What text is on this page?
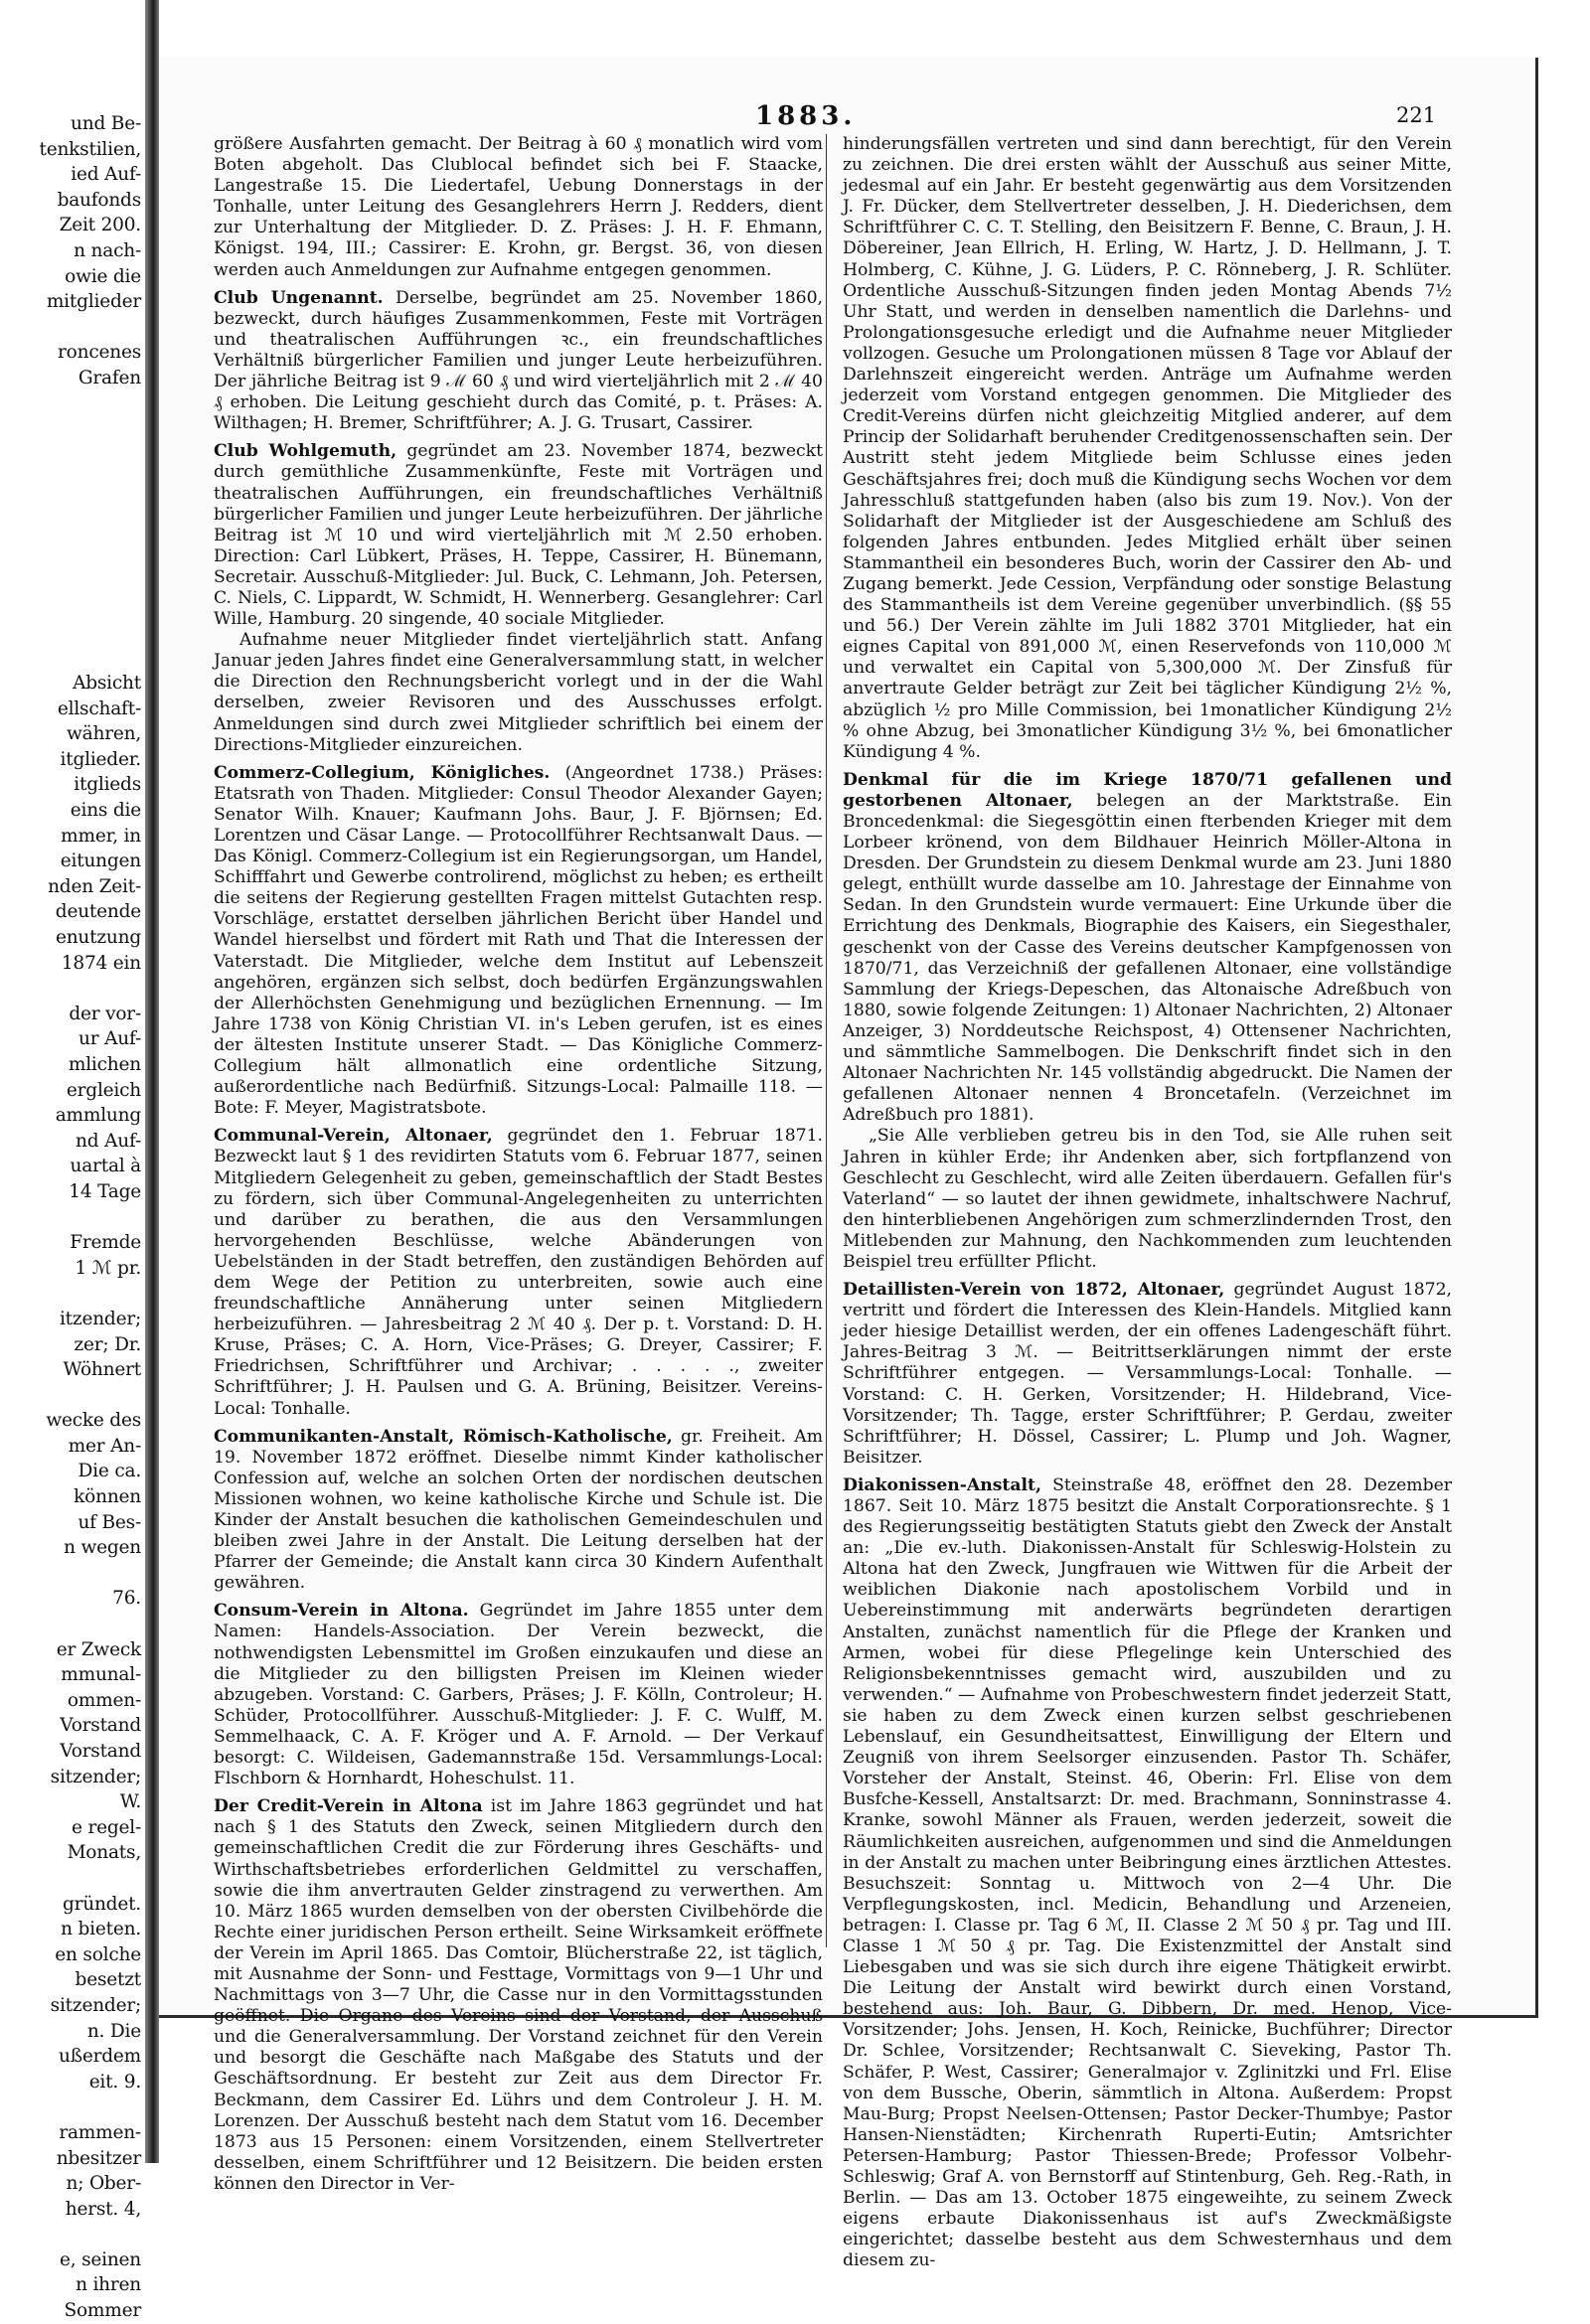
und Be-
tenkstilien,
ied Auf-
baufonds
Zeit 200.
n nach-
owie die
mitglieder

roncenes
Grafen

Absicht
ellschaft-
währen,
itglieder.
itglieds
eins die
mmer, in
eitungen
nden Zeit-
deutende
enutzung
1874 ein

der vor-
ur Auf-
mlichen
ergleich
ammlung
nd Auf-
uartal à
14 Tage

Fremde
1 ℳ pr.

itzender;
zer; Dr.
Wöhnert

wecke des
mer An-
Die ca.
können
uf Bes-
n wegen

76.

er Zweck
mmunal-
ommen-
Vorstand
Vorstand
sitzender;
W.
e regel-
Monats,

gründet.
n bieten.
en solche
besetzt
sitzender;
n. Die
ußerdem
eit. 9.

rammen-
nbesitzer
n; Ober-
herst. 4,

e, seinen
n ihren
Sommer
1883.	221

größere Ausfahrten gemacht. Der Beitrag à 60 ₰ monatlich wird vom Boten abgeholt. Das Clublocal befindet sich bei F. Staacke, Langestraße 15. Die Liedertafel, Uebung Donnerstags in der Tonhalle, unter Leitung des Gesanglehrers Herrn J. Redders, dient zur Unterhaltung der Mitglieder. D. Z. Präses: J. H. F. Ehmann, Königst. 194, III.; Cassirer: E. Krohn, gr. Bergst. 36, von diesen werden auch Anmeldungen zur Aufnahme entgegen genommen.

Club Ungenannt. Derselbe, begründet am 25. November 1860, bezweckt, durch häufiges Zusammenkommen, Feste mit Vorträgen und theatralischen Aufführungen ꝛc., ein freundschaftliches Verhältniß bürgerlicher Familien und junger Leute herbeizuführen. Der jährliche Beitrag ist 9 ℳ 60 ₰ und wird vierteljährlich mit 2 ℳ 40 ₰ erhoben. Die Leitung geschieht durch das Comité, p. t. Präses: A. Wilthagen; H. Bremer, Schriftführer; A. J. G. Trusart, Cassirer.

Club Wohlgemuth, gegründet am 23. November 1874, bezweckt durch gemüthliche Zusammenkünfte, Feste mit Vorträgen und theatralischen Aufführungen, ein freundschaftliches Verhältniß bürgerlicher Familien und junger Leute herbeizuführen. Der jährliche Beitrag ist ℳ 10 und wird vierteljährlich mit ℳ 2.50 erhoben. Direction: Carl Lübkert, Präses, H. Teppe, Cassirer, H. Bünemann, Secretair. Ausschuß-Mitglieder: Jul. Buck, C. Lehmann, Joh. Petersen, C. Niels, C. Lippardt, W. Schmidt, H. Wennerberg. Gesanglehrer: Carl Wille, Hamburg. 20 singende, 40 sociale Mitglieder.

Aufnahme neuer Mitglieder findet vierteljährlich statt. Anfang Januar jeden Jahres findet eine Generalversammlung statt, in welcher die Direction den Rechnungsbericht vorlegt und in der die Wahl derselben, zweier Revisoren und des Ausschusses erfolgt. Anmeldungen sind durch zwei Mitglieder schriftlich bei einem der Directions-Mitglieder einzureichen.

Commerz-Collegium, Königliches. (Angeordnet 1738.) Präses: Etatsrath von Thaden. Mitglieder: Consul Theodor Alexander Gayen; Senator Wilh. Knauer; Kaufmann Johs. Baur, J. F. Björnsen; Ed. Lorentzen und Cäsar Lange. — Protocollführer Rechtsanwalt Daus. — Das Königl. Commerz-Collegium ist ein Regierungsorgan, um Handel, Schifffahrt und Gewerbe controlirend, möglichst zu heben; es ertheilt die seitens der Regierung gestellten Fragen mittelst Gutachten resp. Vorschläge, erstattet derselben jährlichen Bericht über Handel und Wandel hierselbst und fördert mit Rath und That die Interessen der Vaterstadt. Die Mitglieder, welche dem Institut auf Lebenszeit angehören, ergänzen sich selbst, doch bedürfen Ergänzungswahlen der Allerhöchsten Genehmigung und bezüglichen Ernennung. — Im Jahre 1738 von König Christian VI. in's Leben gerufen, ist es eines der ältesten Institute unserer Stadt. — Das Königliche Commerz-Collegium hält allmonatlich eine ordentliche Sitzung, außerordentliche nach Bedürfniß. Sitzungs-Local: Palmaille 118. — Bote: F. Meyer, Magistratsbote.

Communal-Verein, Altonaer, gegründet den 1. Februar 1871. Bezweckt laut § 1 des revidirten Statuts vom 6. Februar 1877, seinen Mitgliedern Gelegenheit zu geben, gemeinschaftlich der Stadt Bestes zu fördern, sich über Communal-Angelegenheiten zu unterrichten und darüber zu berathen, die aus den Versammlungen hervorgehenden Beschlüsse, welche Abänderungen von Uebelständen in der Stadt betreffen, den zuständigen Behörden auf dem Wege der Petition zu unterbreiten, sowie auch eine freundschaftliche Annäherung unter seinen Mitgliedern herbeizuführen. — Jahresbeitrag 2 ℳ 40 ₰. Der p. t. Vorstand: D. H. Kruse, Präses; C. A. Horn, Vice-Präses; G. Dreyer, Cassirer; F. Friedrichsen, Schriftführer und Archivar; . . . . ., zweiter Schriftführer; J. H. Paulsen und G. A. Brüning, Beisitzer. Vereins-Local: Tonhalle.

Communikanten-Anstalt, Römisch-Katholische, gr. Freiheit. Am 19. November 1872 eröffnet. Dieselbe nimmt Kinder katholischer Confession auf, welche an solchen Orten der nordischen deutschen Missionen wohnen, wo keine katholische Kirche und Schule ist. Die Kinder der Anstalt besuchen die katholischen Gemeindeschulen und bleiben zwei Jahre in der Anstalt. Die Leitung derselben hat der Pfarrer der Gemeinde; die Anstalt kann circa 30 Kindern Aufenthalt gewähren.

Consum-Verein in Altona. Gegründet im Jahre 1855 unter dem Namen: Handels-Association. Der Verein bezweckt, die nothwendigsten Lebensmittel im Großen einzukaufen und diese an die Mitglieder zu den billigsten Preisen im Kleinen wieder abzugeben. Vorstand: C. Garbers, Präses; J. F. Kölln, Controleur; H. Schüder, Protocollführer. Ausschuß-Mitglieder: J. F. C. Wulff, M. Semmelhaack, C. A. F. Kröger und A. F. Arnold. — Der Verkauf besorgt: C. Wildeisen, Gademannstraße 15d. Versammlungs-Local: Flschborn & Hornhardt, Hoheschulst. 11.

Der Credit-Verein in Altona ist im Jahre 1863 gegründet und hat nach § 1 des Statuts den Zweck, seinen Mitgliedern durch den gemeinschaftlichen Credit die zur Förderung ihres Geschäfts- und Wirthschaftsbetriebes erforderlichen Geldmittel zu verschaffen, sowie die ihm anvertrauten Gelder zinstragend zu verwerthen. Am 10. März 1865 wurden demselben von der obersten Civilbehörde die Rechte einer juridischen Person ertheilt. Seine Wirksamkeit eröffnete der Verein im April 1865. Das Comtoir, Blücherstraße 22, ist täglich, mit Ausnahme der Sonn- und Festtage, Vormittags von 9—1 Uhr und Nachmittags von 3—7 Uhr, die Casse nur in den Vormittagsstunden geöffnet. Die Organe des Vereins sind der Vorstand, der Ausschuß und die Generalversammlung. Der Vorstand zeichnet für den Verein und besorgt die Geschäfte nach Maßgabe des Statuts und der Geschäftsordnung. Er besteht zur Zeit aus dem Director Fr. Beckmann, dem Cassirer Ed. Lührs und dem Controleur J. H. M. Lorenzen. Der Ausschuß besteht nach dem Statut vom 16. December 1873 aus 15 Personen: einem Vorsitzenden, einem Stellvertreter desselben, einem Schriftführer und 12 Beisitzern. Die beiden ersten können den Director in Ver-

hinderungsfällen vertreten und sind dann berechtigt, für den Verein zu zeichnen. Die drei ersten wählt der Ausschuß aus seiner Mitte, jedesmal auf ein Jahr. Er besteht gegenwärtig aus dem Vorsitzenden J. Fr. Dücker, dem Stellvertreter desselben, J. H. Diederichsen, dem Schriftführer C. C. T. Stelling, den Beisitzern F. Benne, C. Braun, J. H. Döbereiner, Jean Ellrich, H. Erling, W. Hartz, J. D. Hellmann, J. T. Holmberg, C. Kühne, J. G. Lüders, P. C. Rönneberg, J. R. Schlüter. Ordentliche Ausschuß-Sitzungen finden jeden Montag Abends 7½ Uhr Statt, und werden in denselben namentlich die Darlehns- und Prolongationsgesuche erledigt und die Aufnahme neuer Mitglieder vollzogen. Gesuche um Prolongationen müssen 8 Tage vor Ablauf der Darlehnszeit eingereicht werden. Anträge um Aufnahme werden jederzeit vom Vorstand entgegen genommen. Die Mitglieder des Credit-Vereins dürfen nicht gleichzeitig Mitglied anderer, auf dem Princip der Solidarhaft beruhender Creditgenossenschaften sein. Der Austritt steht jedem Mitgliede beim Schlusse eines jeden Geschäftsjahres frei; doch muß die Kündigung sechs Wochen vor dem Jahresschluß stattgefunden haben (also bis zum 19. Nov.). Von der Solidarhaft der Mitglieder ist der Ausgeschiedene am Schluß des folgenden Jahres entbunden. Jedes Mitglied erhält über seinen Stammantheil ein besonderes Buch, worin der Cassirer den Ab- und Zugang bemerkt. Jede Cession, Verpfändung oder sonstige Belastung des Stammantheils ist dem Vereine gegenüber unverbindlich. (§§ 55 und 56.) Der Verein zählte im Juli 1882 3701 Mitglieder, hat ein eignes Capital von 891,000 ℳ, einen Reservefonds von 110,000 ℳ und verwaltet ein Capital von 5,300,000 ℳ. Der Zinsfuß für anvertraute Gelder beträgt zur Zeit bei täglicher Kündigung 2½ %, abzüglich ½ pro Mille Commission, bei 1monatlicher Kündigung 2½ % ohne Abzug, bei 3monatlicher Kündigung 3½ %, bei 6monatlicher Kündigung 4 %.

Denkmal für die im Kriege 1870/71 gefallenen und gestorbenen Altonaer, belegen an der Marktstraße. Ein Broncedenkmal: die Siegesgöttin einen fterbenden Krieger mit dem Lorbeer krönend, von dem Bildhauer Heinrich Möller-Altona in Dresden. Der Grundstein zu diesem Denkmal wurde am 23. Juni 1880 gelegt, enthüllt wurde dasselbe am 10. Jahrestage der Einnahme von Sedan. In den Grundstein wurde vermauert: Eine Urkunde über die Errichtung des Denkmals, Biographie des Kaisers, ein Siegesthaler, geschenkt von der Casse des Vereins deutscher Kampfgenossen von 1870/71, das Verzeichniß der gefallenen Altonaer, eine vollständige Sammlung der Kriegs-Depeschen, das Altonaische Adreßbuch von 1880, sowie folgende Zeitungen: 1) Altonaer Nachrichten, 2) Altonaer Anzeiger, 3) Norddeutsche Reichspost, 4) Ottensener Nachrichten, und sämmtliche Sammelbogen. Die Denkschrift findet sich in den Altonaer Nachrichten Nr. 145 vollständig abgedruckt. Die Namen der gefallenen Altonaer nennen 4 Broncetafeln. (Verzeichnet im Adreßbuch pro 1881).

„Sie Alle verblieben getreu bis in den Tod, sie Alle ruhen seit Jahren in kühler Erde; ihr Andenken aber, sich fortpflanzend von Geschlecht zu Geschlecht, wird alle Zeiten überdauern. Gefallen für's Vaterland“ — so lautet der ihnen gewidmete, inhaltschwere Nachruf, den hinterbliebenen Angehörigen zum schmerzlindernden Trost, den Mitlebenden zur Mahnung, den Nachkommenden zum leuchtenden Beispiel treu erfüllter Pflicht.

Detaillisten-Verein von 1872, Altonaer, gegründet August 1872, vertritt und fördert die Interessen des Klein-Handels. Mitglied kann jeder hiesige Detaillist werden, der ein offenes Ladengeschäft führt. Jahres-Beitrag 3 ℳ. — Beitrittserklärungen nimmt der erste Schriftführer entgegen. — Versammlungs-Local: Tonhalle. — Vorstand: C. H. Gerken, Vorsitzender; H. Hildebrand, Vice-Vorsitzender; Th. Tagge, erster Schriftführer; P. Gerdau, zweiter Schriftführer; H. Dössel, Cassirer; L. Plump und Joh. Wagner, Beisitzer.

Diakonissen-Anstalt, Steinstraße 48, eröffnet den 28. Dezember 1867. Seit 10. März 1875 besitzt die Anstalt Corporationsrechte. § 1 des Regierungsseitig bestätigten Statuts giebt den Zweck der Anstalt an: „Die ev.-luth. Diakonissen-Anstalt für Schleswig-Holstein zu Altona hat den Zweck, Jungfrauen wie Wittwen für die Arbeit der weiblichen Diakonie nach apostolischem Vorbild und in Uebereinstimmung mit anderwärts begründeten derartigen Anstalten, zunächst namentlich für die Pflege der Kranken und Armen, wobei für diese Pflegelinge kein Unterschied des Religionsbekenntnisses gemacht wird, auszubilden und zu verwenden.“ — Aufnahme von Probeschwestern findet jederzeit Statt, sie haben zu dem Zweck einen kurzen selbst geschriebenen Lebenslauf, ein Gesundheitsattest, Einwilligung der Eltern und Zeugniß von ihrem Seelsorger einzusenden. Pastor Th. Schäfer, Vorsteher der Anstalt, Steinst. 46, Oberin: Frl. Elise von dem Busfche-Kessell, Anstaltsarzt: Dr. med. Brachmann, Sonninstrasse 4. Kranke, sowohl Männer als Frauen, werden jederzeit, soweit die Räumlichkeiten ausreichen, aufgenommen und sind die Anmeldungen in der Anstalt zu machen unter Beibringung eines ärztlichen Attestes. Besuchszeit: Sonntag u. Mittwoch von 2—4 Uhr. Die Verpflegungskosten, incl. Medicin, Behandlung und Arzeneien, betragen: I. Classe pr. Tag 6 ℳ, II. Classe 2 ℳ 50 ₰ pr. Tag und III. Classe 1 ℳ 50 ₰ pr. Tag. Die Existenzmittel der Anstalt sind Liebesgaben und was sie sich durch ihre eigene Thätigkeit erwirbt. Die Leitung der Anstalt wird bewirkt durch einen Vorstand, bestehend aus: Joh. Baur, G. Dibbern, Dr. med. Henop, Vice-Vorsitzender; Johs. Jensen, H. Koch, Reinicke, Buchführer; Director Dr. Schlee, Vorsitzender; Rechtsanwalt C. Sieveking, Pastor Th. Schäfer, P. West, Cassirer; Generalmajor v. Zglinitzki und Frl. Elise von dem Bussche, Oberin, sämmtlich in Altona. Außerdem: Propst Mau-Burg; Propst Neelsen-Ottensen; Pastor Decker-Thumbye; Pastor Hansen-Nienstädten; Kirchenrath Ruperti-Eutin; Amtsrichter Petersen-Hamburg; Pastor Thiessen-Brede; Professor Volbehr-Schleswig; Graf A. von Bernstorff auf Stintenburg, Geh. Reg.-Rath, in Berlin. — Das am 13. October 1875 eingeweihte, zu seinem Zweck eigens erbaute Diakonissenhaus ist auf's Zweckmäßigste eingerichtet; dasselbe besteht aus dem Schwesternhaus und dem diesem zu-
